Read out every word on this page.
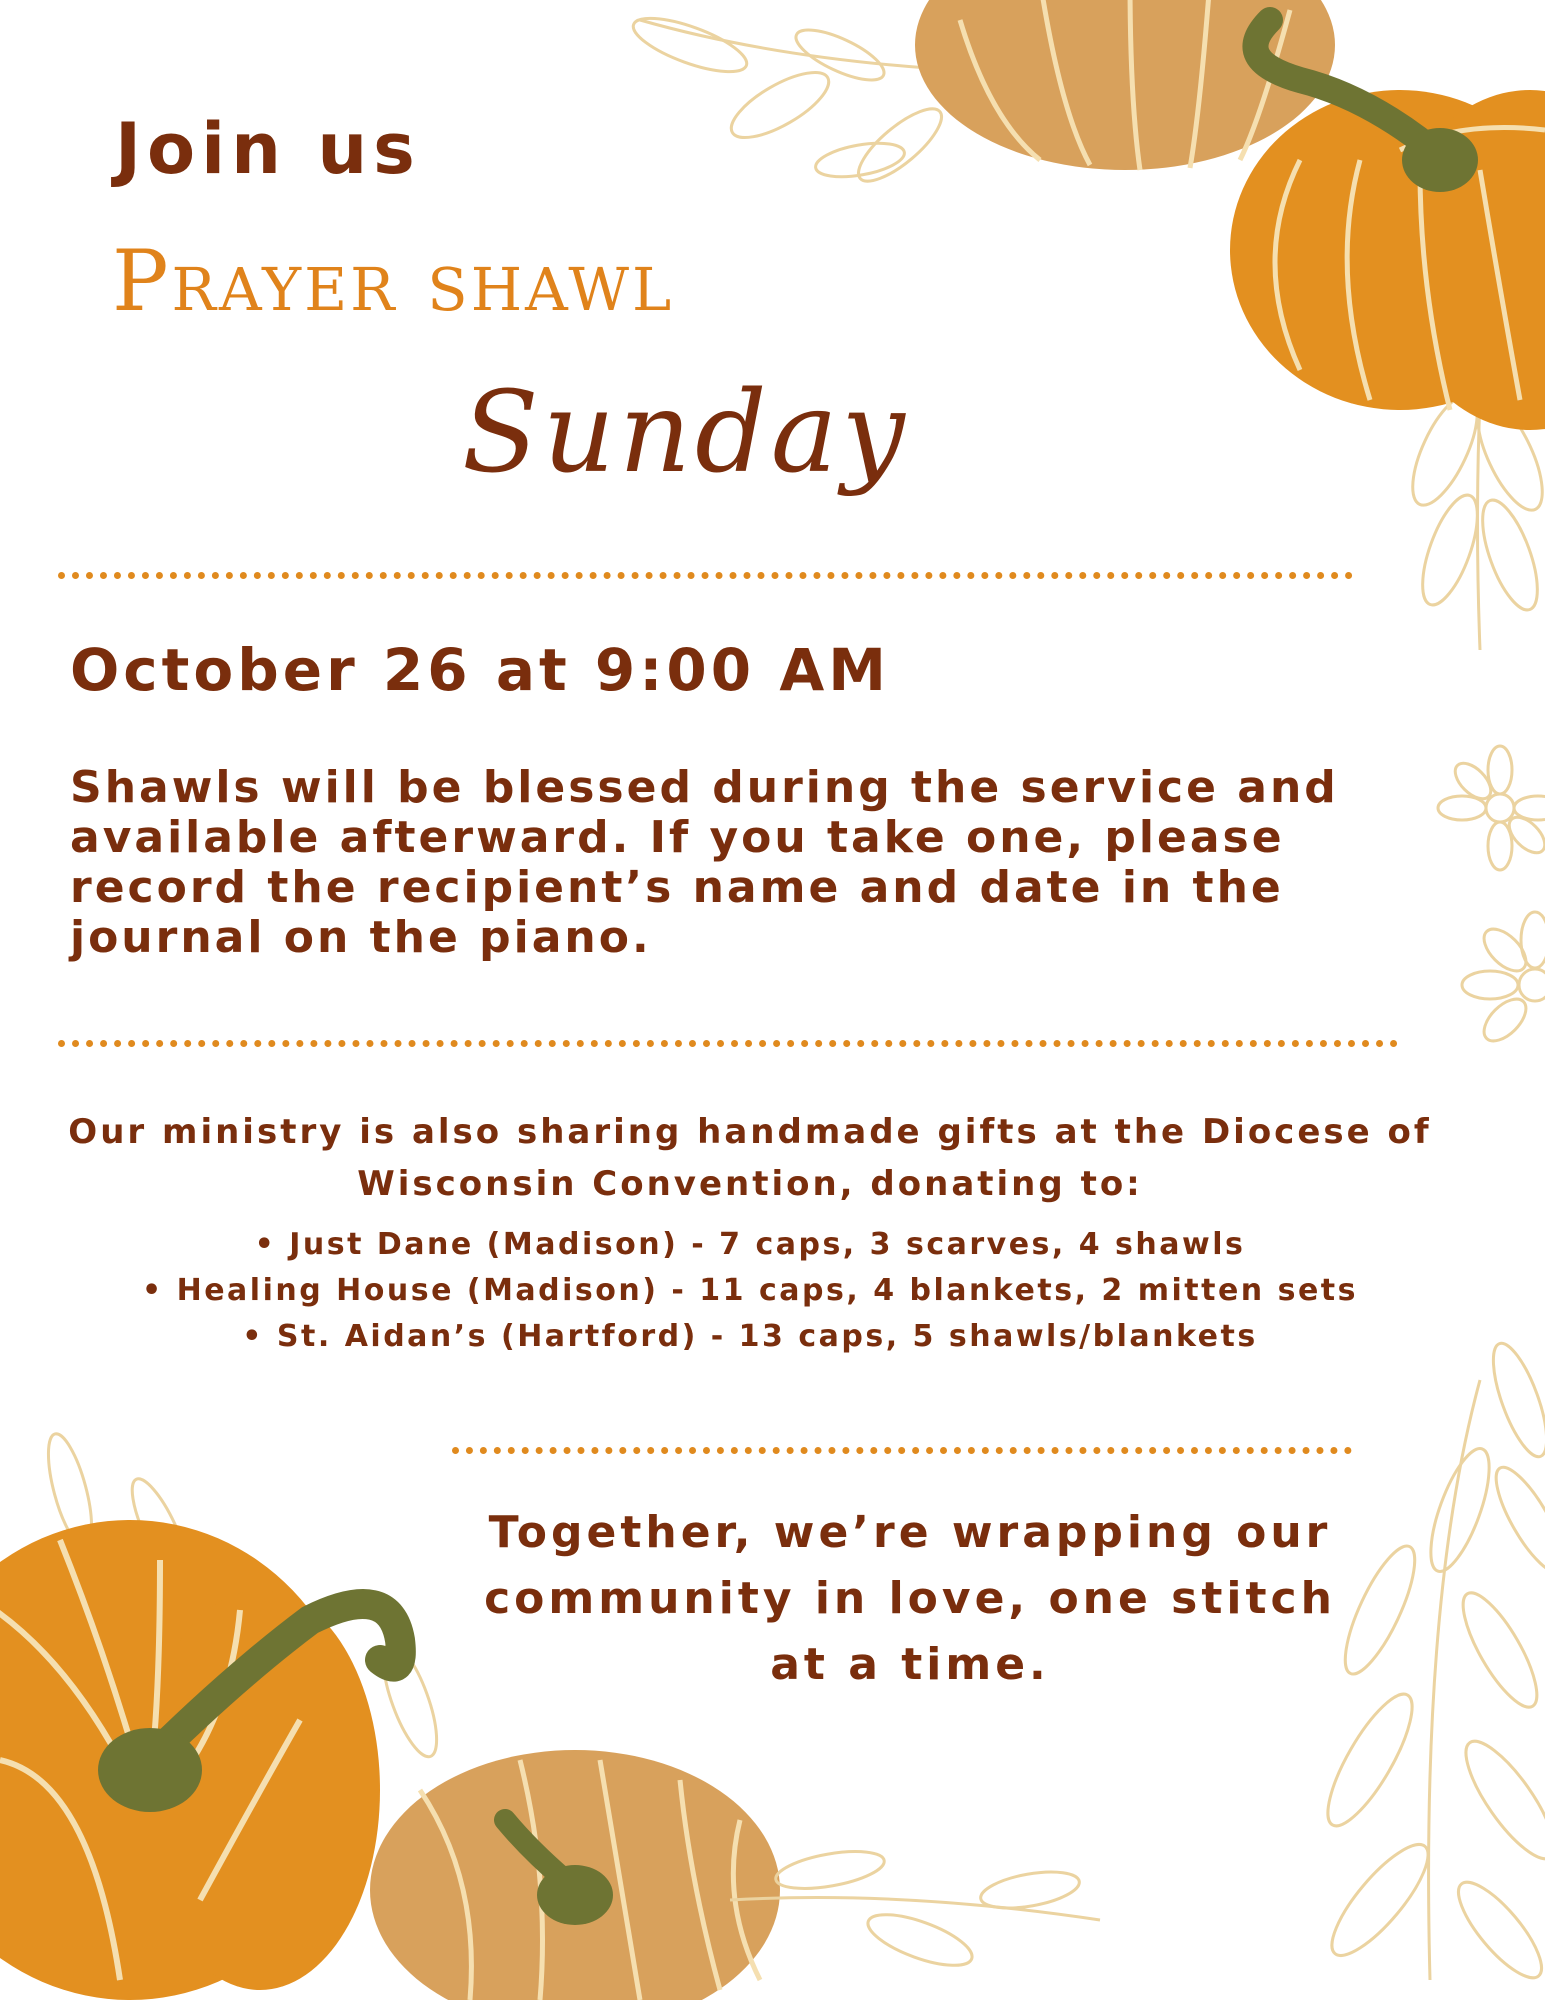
Join us
Prayer shawl
Sunday

October 26 at 9:00 AM

Shawls will be blessed during the service and available afterward. If you take one, please record the recipient’s name and date in the journal on the piano.

Our ministry is also sharing handmade gifts at the Diocese of Wisconsin Convention, donating to:

• Just Dane (Madison) - 7 caps, 3 scarves, 4 shawls
• Healing House (Madison) - 11 caps, 4 blankets, 2 mitten sets
• St. Aidan’s (Hartford) - 13 caps, 5 shawls/blankets

Together, we’re wrapping our community in love, one stitch at a time.
